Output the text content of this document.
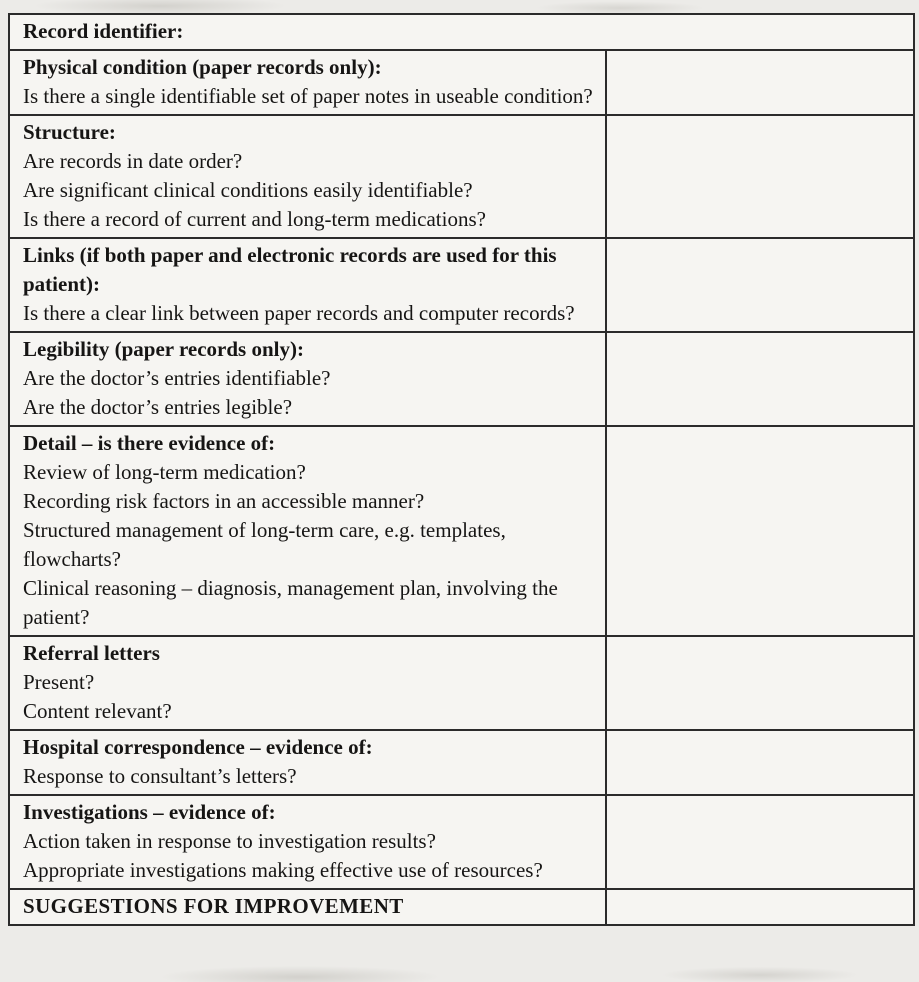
Record identifier:	

Physical condition (paper records only):
Is there a single identifiable set of paper notes in useable condition?	

Structure:
Are records in date order?
Are significant clinical conditions easily identifiable?
Is there a record of current and long-term medications?	

Links (if both paper and electronic records are used for this patient):
Is there a clear link between paper records and computer records?	

Legibility (paper records only):
Are the doctor’s entries identifiable?
Are the doctor’s entries legible?	

Detail – is there evidence of:
Review of long-term medication?
Recording risk factors in an accessible manner?
Structured management of long-term care, e.g. templates, flowcharts?
Clinical reasoning – diagnosis, management plan, involving the patient?	

Referral letters
Present?
Content relevant?	

Hospital correspondence – evidence of:
Response to consultant’s letters?	

Investigations – evidence of:
Action taken in response to investigation results?
Appropriate investigations making effective use of resources?	

SUGGESTIONS FOR IMPROVEMENT	
